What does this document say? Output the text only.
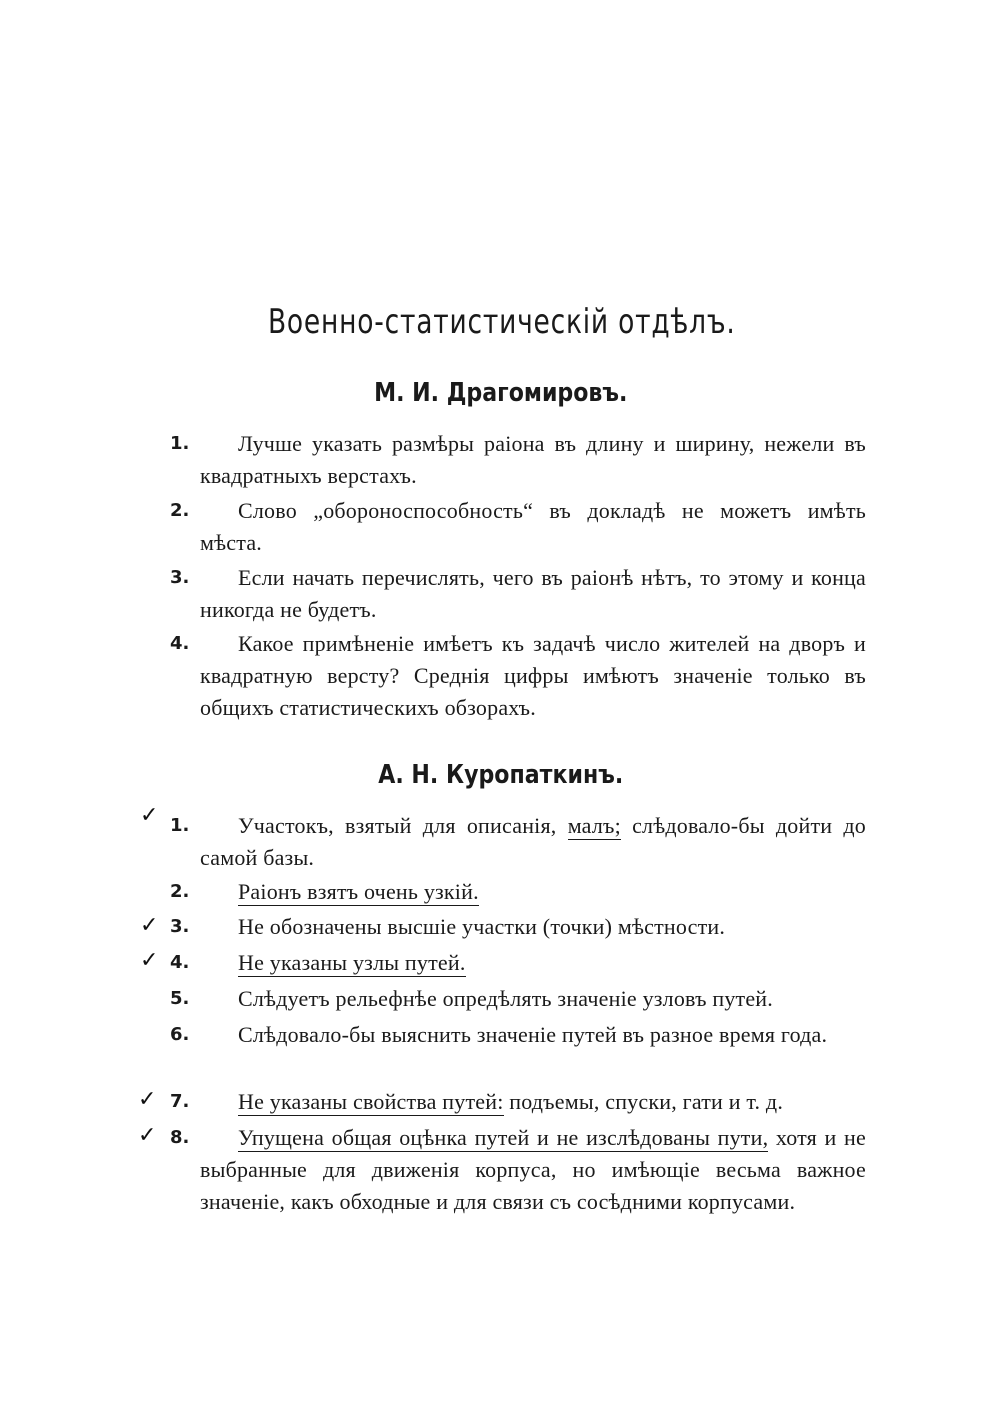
Военно-статистическій отдѣлъ.
М. И. Драгомировъ.
1.	Лучше указать размѣры раіона въ длину и ширину, нежели въ квадратныхъ верстахъ.
2.	Слово „обороноспособность“ въ докладѣ не можетъ имѣть мѣста.
3.	Если начать перечислять, чего въ раіонѣ нѣтъ, то этому и конца никогда не будетъ.
4.	Какое примѣненіе имѣетъ къ задачѣ число жителей на дворъ и квадратную версту? Среднія цифры имѣютъ значеніе только въ общихъ статистическихъ обзорахъ.
А. Н. Куропаткинъ.
✓ 1.	Участокъ, взятый для описанія, малъ; слѣдовало-бы дойти до самой базы.
2.	Раіонъ взятъ очень узкій.
✓ 3.	Не обозначены высшіе участки (точки) мѣстности.
✓ 4.	Не указаны узлы путей.
5.	Слѣдуетъ рельефнѣе опредѣлять значеніе узловъ путей.
6.	Слѣдовало-бы выяснить значеніе путей въ разное время года.
✓ 7.	Не указаны свойства путей: подъемы, спуски, гати и т. д.
✓ 8.	Упущена общая оцѣнка путей и не изслѣдованы пути, хотя и не выбранные для движенія корпуса, но имѣющіе весьма важное значеніе, какъ обходные и для связи съ сосѣдними корпусами.
